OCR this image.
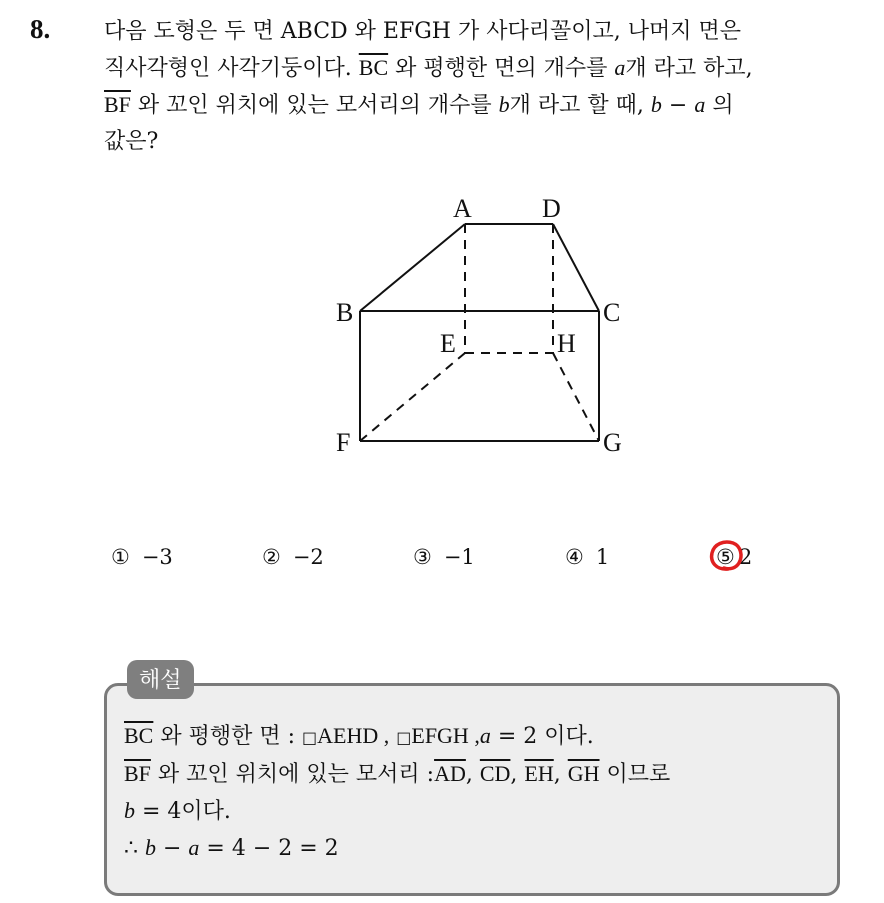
8. 다음 도형은 두 면 ABCD 와 EFGH 가 사다리꼴이고, 나머지 면은
직사각형인 사각기둥이다. $\overline{BC}$ 와 평행한 면의 개수를 a개 라고 하고,
$\overline{BF}$ 와 꼬인 위치에 있는 모서리의 개수를 b개 라고 할 때, b − a 의
값은?
A	D
B	C
E	H
F	G
① −3	② −2	③ −1	④ 1	⑤ 2
해설
$\overline{BC}$ 와 평행한 면 : □AEHD , □EFGH ,a = 2 이다.
$\overline{BF}$ 와 꼬인 위치에 있는 모서리 $:\overline{AD}$, $\overline{CD}$, $\overline{EH}$, $\overline{GH}$ 이므로
b = 4이다.
∴ b − a = 4 − 2 = 2
